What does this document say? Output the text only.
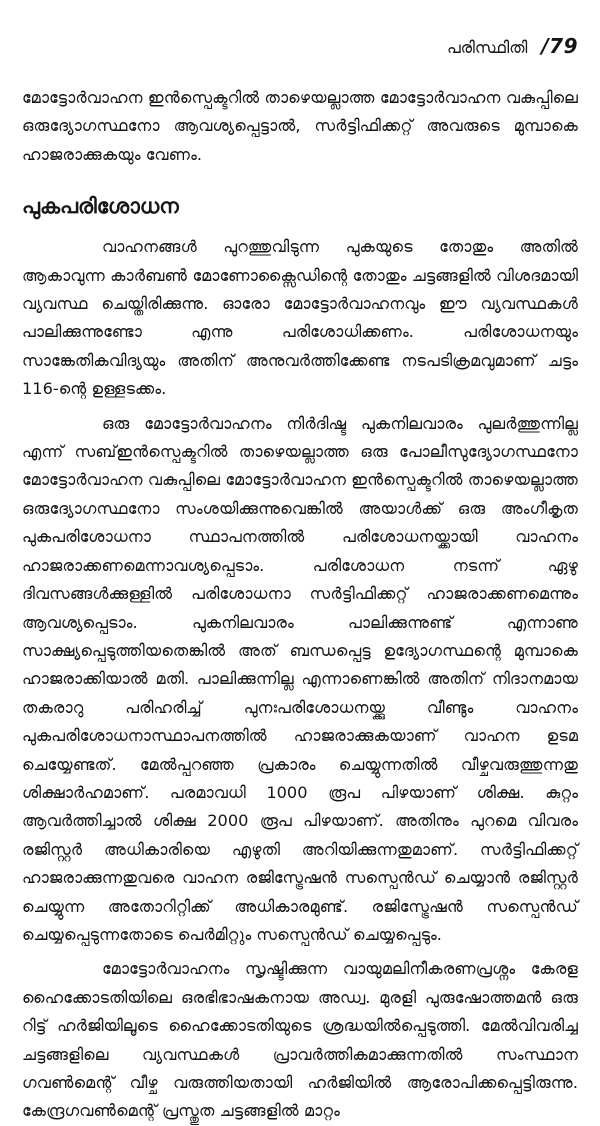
പരിസ്ഥിതി /79

മോട്ടോർവാഹന ഇൻസ്പെക്ടറിൽ താഴെയല്ലാത്ത മോട്ടോർവാഹന വകുപ്പിലെ ഒരുദ്യോഗസ്ഥനോ ആവശ്യപ്പെട്ടാൽ, സർട്ടിഫിക്കറ്റ് അവരുടെ മുമ്പാകെ ഹാജരാക്കുകയും വേണം.

പുകപരിശോധന

വാഹനങ്ങൾ പുറത്തുവിടുന്ന പുകയുടെ തോതും അതിൽ ആകാവുന്ന കാർബൺ മോണോക്സൈഡിന്റെ തോതും ചട്ടങ്ങളിൽ വിശദമായി വ്യവസ്ഥ ചെയ്തിരിക്കുന്നു. ഓരോ മോട്ടോർവാഹനവും ഈ വ്യവസ്ഥകൾ പാലിക്കുന്നുണ്ടോ എന്നു പരിശോധിക്കണം. പരിശോധനയും സാങ്കേതികവിദ്യയും അതിന് അനുവർത്തിക്കേണ്ട നടപടിക്രമവുമാണ് ചട്ടം 116-ന്റെ ഉള്ളടക്കം.

ഒരു മോട്ടോർവാഹനം നിർദിഷ്ട പുകനിലവാരം പുലർത്തുന്നില്ല എന്ന് സബ്ഇൻസ്പെക്ടറിൽ താഴെയല്ലാത്ത ഒരു പോലീസുദ്യോഗസ്ഥനോ മോട്ടോർവാഹന വകുപ്പിലെ മോട്ടോർവാഹന ഇൻസ്പെക്ടറിൽ താഴെയല്ലാത്ത ഒരുദ്യോഗസ്ഥനോ സംശയിക്കുന്നുവെങ്കിൽ അയാൾക്ക് ഒരു അംഗീകൃത പുകപരിശോധനാ സ്ഥാപനത്തിൽ പരിശോധനയ്ക്കായി വാഹനം ഹാജരാക്കണമെന്നാവശ്യപ്പെടാം. പരിശോധന നടന്ന് ഏഴു ദിവസങ്ങൾക്കുള്ളിൽ പരിശോധനാ സർട്ടിഫിക്കറ്റ് ഹാജരാക്കണമെന്നും ആവശ്യപ്പെടാം. പുകനിലവാരം പാലിക്കുന്നുണ്ട് എന്നാണു സാക്ഷ്യപ്പെടുത്തിയതെങ്കിൽ അത് ബന്ധപ്പെട്ട ഉദ്യോഗസ്ഥന്റെ മുമ്പാകെ ഹാജരാക്കിയാൽ മതി. പാലിക്കുന്നില്ല എന്നാണെങ്കിൽ അതിന് നിദാനമായ തകരാറു പരിഹരിച്ച് പുനഃപരിശോധനയ്ക്കു വീണ്ടും വാഹനം പുകപരിശോധനാസ്ഥാപനത്തിൽ ഹാജരാക്കുകയാണ് വാഹന ഉടമ ചെയ്യേണ്ടത്. മേൽപ്പറഞ്ഞ പ്രകാരം ചെയ്യുന്നതിൽ വീഴ്ചവരുത്തുന്നതു ശിക്ഷാർഹമാണ്. പരമാവധി 1000 രൂപ പിഴയാണ് ശിക്ഷ. കുറ്റം ആവർത്തിച്ചാൽ ശിക്ഷ 2000 രൂപ പിഴയാണ്. അതിനും പുറമെ വിവരം രജിസ്റ്റർ അധികാരിയെ എഴുതി അറിയിക്കുന്നതുമാണ്. സർട്ടിഫിക്കറ്റ് ഹാജരാക്കുന്നതുവരെ വാഹന രജിസ്ട്രേഷൻ സസ്പെൻഡ് ചെയ്യാൻ രജിസ്റ്റർ ചെയ്യുന്ന അതോറിറ്റിക്ക് അധികാരമുണ്ട്. രജിസ്ട്രേഷൻ സസ്പെൻഡ് ചെയ്യപ്പെടുന്നതോടെ പെർമിറ്റും സസ്പെൻഡ് ചെയ്യപ്പെടും.

മോട്ടോർവാഹനം സൃഷ്ടിക്കുന്ന വായുമലിനീകരണപ്രശ്നം കേരള ഹൈക്കോടതിയിലെ ഒരഭിഭാഷകനായ അഡ്വ. മുരളി പുരുഷോത്തമൻ ഒരു റിട്ട് ഹർജിയിലൂടെ ഹൈക്കോടതിയുടെ ശ്രദ്ധയിൽപ്പെടുത്തി. മേൽവിവരിച്ച ചട്ടങ്ങളിലെ വ്യവസ്ഥകൾ പ്രാവർത്തികമാക്കുന്നതിൽ സംസ്ഥാന ഗവൺമെന്റ് വീഴ്ച വരുത്തിയതായി ഹർജിയിൽ ആരോപിക്കപ്പെട്ടിരുന്നു. കേന്ദ്രഗവൺമെന്റ് പ്രസ്തുത ചട്ടങ്ങളിൽ മാറ്റം
